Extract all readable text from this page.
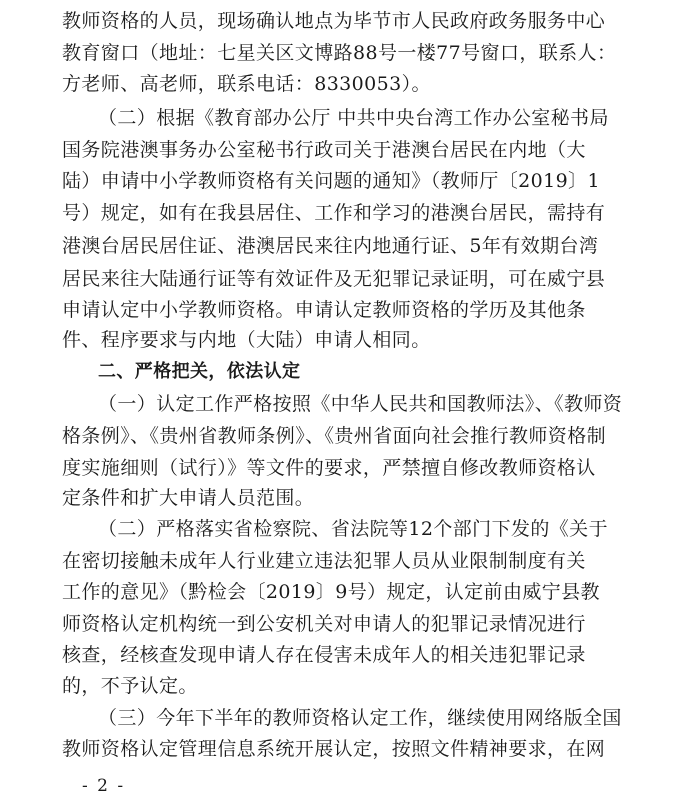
教师资格的人员，现场确认地点为毕节市人民政府政务服务中心
教育窗口（地址：七星关区文博路88号一楼77号窗口，联系人：
方老师、高老师，联系电话：8330053）。
（二）根据《教育部办公厅 中共中央台湾工作办公室秘书局
国务院港澳事务办公室秘书行政司关于港澳台居民在内地（大
陆）申请中小学教师资格有关问题的通知》（教师厅〔2019〕1
号）规定，如有在我县居住、工作和学习的港澳台居民，需持有
港澳台居民居住证、港澳居民来往内地通行证、5年有效期台湾
居民来往大陆通行证等有效证件及无犯罪记录证明，可在威宁县
申请认定中小学教师资格。申请认定教师资格的学历及其他条
件、程序要求与内地（大陆）申请人相同。
二、严格把关，依法认定
（一）认定工作严格按照《中华人民共和国教师法》、《教师资
格条例》、《贵州省教师条例》、《贵州省面向社会推行教师资格制
度实施细则（试行）》等文件的要求，严禁擅自修改教师资格认
定条件和扩大申请人员范围。
（二）严格落实省检察院、省法院等12个部门下发的《关于
在密切接触未成年人行业建立违法犯罪人员从业限制制度有关
工作的意见》（黔检会〔2019〕9号）规定，认定前由威宁县教
师资格认定机构统一到公安机关对申请人的犯罪记录情况进行
核查，经核查发现申请人存在侵害未成年人的相关违犯罪记录
的，不予认定。
（三）今年下半年的教师资格认定工作，继续使用网络版全国
教师资格认定管理信息系统开展认定，按照文件精神要求，在网
- 2 -
